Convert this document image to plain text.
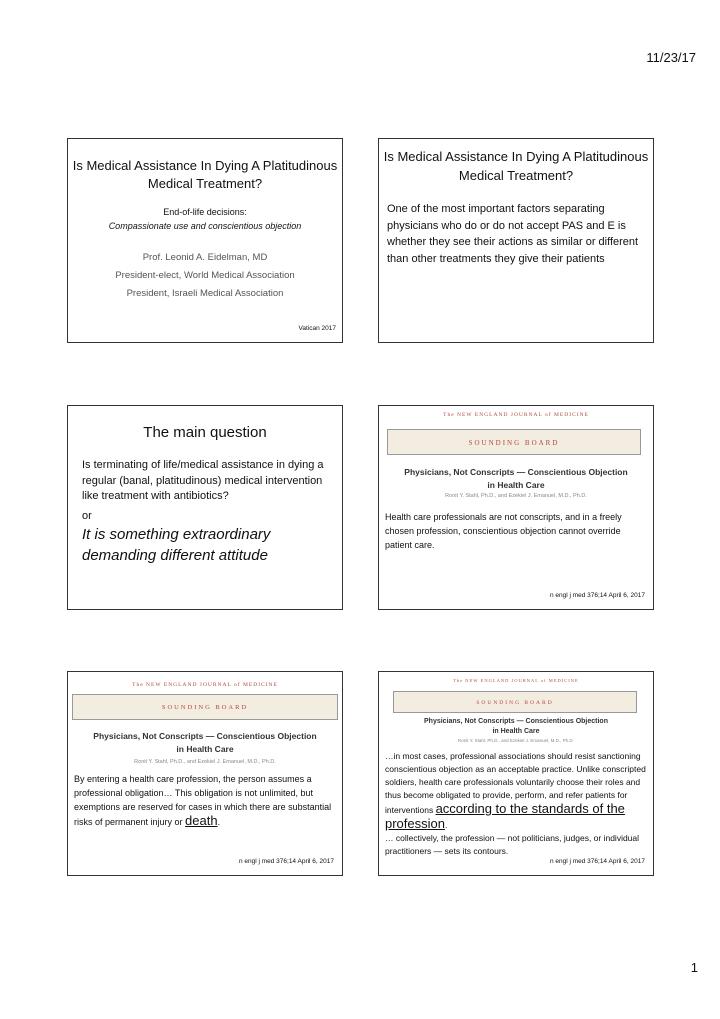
11/23/17
Is Medical Assistance In Dying A Platitudinous Medical Treatment?
End-of-life decisions:
Compassionate use and conscientious objection
Prof. Leonid A. Eidelman, MD
President-elect, World Medical Association
President, Israeli Medical Association
Vatican 2017
Is Medical Assistance In Dying A Platitudinous Medical Treatment?
One of the most important factors separating physicians who do or do not accept PAS and E is whether they see their actions as similar or different than other treatments they give their patients
The main question

Is terminating of life/medical assistance in dying a regular (banal, platitudinous) medical intervention like treatment with antibiotics?

or

It is something extraordinary demanding different attitude

The NEW ENGLAND JOURNAL of MEDICINE
SOUNDING BOARD
Physicians, Not Conscripts — Conscientious Objection
in Health Care
Ronit Y. Stahl, Ph.D., and Ezekiel J. Emanuel, M.D., Ph.D.
Health care professionals are not conscripts, and in a freely chosen profession, conscientious objection cannot override patient care.
n engl j med 376;14 April 6, 2017
The NEW ENGLAND JOURNAL of MEDICINE
SOUNDING BOARD
Physicians, Not Conscripts — Conscientious Objection
in Health Care
Ronit Y. Stahl, Ph.D., and Ezekiel J. Emanuel, M.D., Ph.D.
By entering a health care profession, the person assumes a professional obligation… This obligation is not unlimited, but exemptions are reserved for cases in which there are substantial risks of permanent injury or death.
n engl j med 376;14 April 6, 2017
The NEW ENGLAND JOURNAL of MEDICINE
SOUNDING BOARD
Physicians, Not Conscripts — Conscientious Objection
in Health Care
Ronit Y. Stahl, Ph.D., and Ezekiel J. Emanuel, M.D., Ph.D.
…in most cases, professional associations should resist sanctioning conscientious objection as an acceptable practice. Unlike conscripted soldiers, health care professionals voluntarily choose their roles and thus become obligated to provide, perform, and refer patients for interventions according to the standards of the profession.
… collectively, the profession — not politicians, judges, or individual practitioners — sets its contours.
n engl j med 376;14 April 6, 2017
1
